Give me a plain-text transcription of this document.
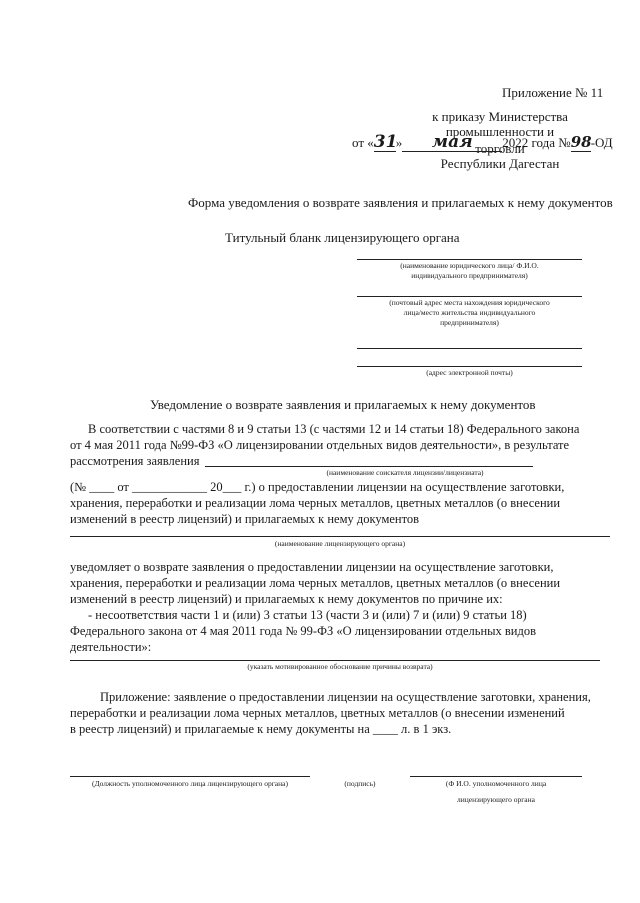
Приложение № 11
к приказу Министерства
промышленности и торговли
Республики Дагестан
от «31» мая 2022 года №98-ОД
Форма уведомления о возврате заявления и прилагаемых к нему документов
Титульный бланк лицензирующего органа
(наименование юридического лица/ Ф.И.О.
индивидуального предпринимателя)
(почтовый адрес места нахождения юридического
лица/место жительства индивидуального
предпринимателя)
(адрес электронной почты)
Уведомление о возврате заявления и прилагаемых к нему документов
В соответствии с частями 8 и 9 статьи 13 (с частями 12 и 14 статьи 18) Федерального закона
от 4 мая 2011 года №99-ФЗ «О лицензировании отдельных видов деятельности», в результате
рассмотрения заявления
(наименование соискателя лицензии/лицензиата)
(№ ____ от ____________ 20___ г.) о предоставлении лицензии на осуществление заготовки,
хранения, переработки и реализации лома черных металлов, цветных металлов (о внесении
изменений в реестр лицензий) и прилагаемых к нему документов
(наименование лицензирующего органа)
уведомляет о возврате заявления о предоставлении лицензии на осуществление заготовки,
хранения, переработки и реализации лома черных металлов, цветных металлов (о внесении
изменений в реестр лицензий) и прилагаемых к нему документов по причине их:
- несоответствия части 1 и (или) 3 статьи 13 (части 3 и (или) 7 и (или) 9 статьи 18)
Федерального закона от 4 мая 2011 года № 99-ФЗ «О лицензировании отдельных видов
деятельности»:
(указать мотивированное обоснование причины возврата)
Приложение: заявление о предоставлении лицензии на осуществление заготовки, хранения,
переработки и реализации лома черных металлов, цветных металлов (о внесении изменений
в реестр лицензий) и прилагаемые к нему документы на ____ л. в 1 экз.
(Должность уполномоченного лица лицензирующего органа)	(подпись)	(Ф И.О. уполномоченного лица
лицензирующего органа
